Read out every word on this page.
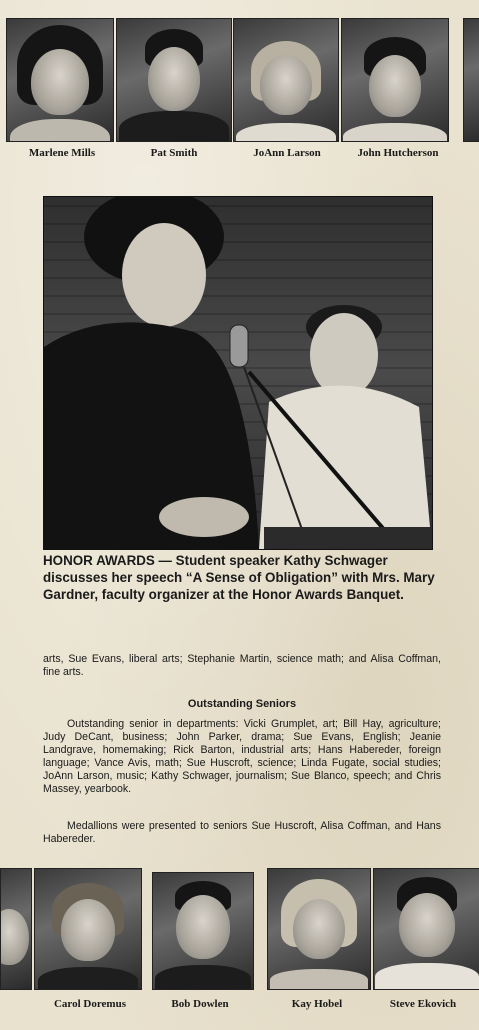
Marlene Mills	Pat Smith	JoAnn Larson	John Hutcherson
HONOR AWARDS — Student speaker Kathy Schwager discusses her speech “A Sense of Obligation” with Mrs. Mary Gardner, faculty organizer at the Honor Awards Banquet.
arts, Sue Evans, liberal arts; Stephanie Martin, science math; and Alisa Coffman, fine arts.
Outstanding Seniors
Outstanding senior in departments: Vicki Grumplet, art; Bill Hay, agriculture; Judy DeCant, business; John Parker, drama; Sue Evans, English; Jeanie Landgrave, homemaking; Rick Barton, industrial arts; Hans Habereder, foreign language; Vance Avis, math; Sue Huscroft, science; Linda Fugate, social studies; JoAnn Larson, music; Kathy Schwager, journalism; Sue Blanco, speech; and Chris Massey, yearbook.
Medallions were presented to seniors Sue Huscroft, Alisa Coffman, and Hans Habereder.
Carol Doremus	Bob Dowlen	Kay Hobel	Steve Ekovich
